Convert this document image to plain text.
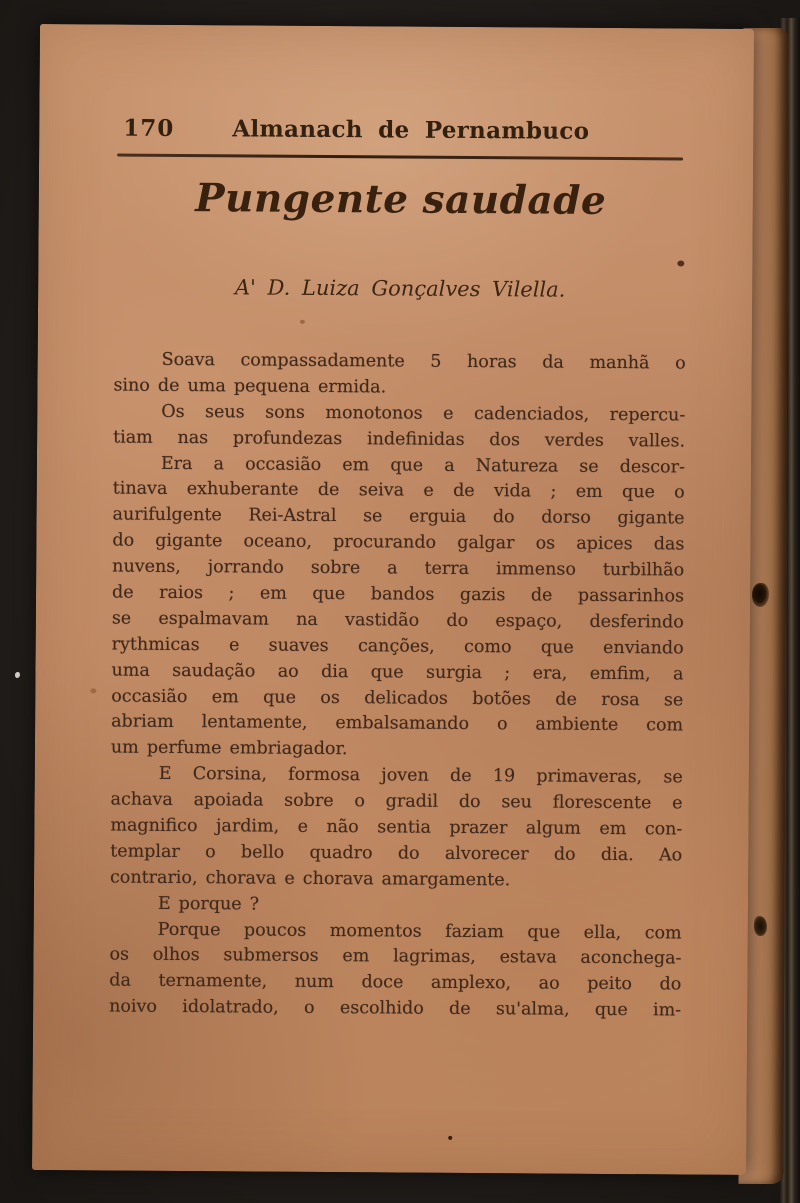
170	Almanach de Pernambuco
Pungente saudade
A' D. Luiza Gonçalves Vilella.
Soava compassadamente 5 horas da manhã o
sino de uma pequena ermida.
Os seus sons monotonos e cadenciados, repercu-
tiam nas profundezas indefinidas dos verdes valles.
Era a occasião em que a Natureza se descor-
tinava exhuberante de seiva e de vida ; em que o
aurifulgente Rei-Astral se erguia do dorso gigante
do gigante oceano, procurando galgar os apices das
nuvens, jorrando sobre a terra immenso turbilhão
de raios ; em que bandos gazis de passarinhos
se espalmavam na vastidão do espaço, desferindo
rythmicas e suaves canções, como que enviando
uma saudação ao dia que surgia ; era, emfim, a
occasião em que os delicados botões de rosa se
abriam lentamente, embalsamando o ambiente com
um perfume embriagador.
E Corsina, formosa joven de 19 primaveras, se
achava apoiada sobre o gradil do seu florescente e
magnifico jardim, e não sentia prazer algum em con-
templar o bello quadro do alvorecer do dia. Ao
contrario, chorava e chorava amargamente.
E porque ?
Porque poucos momentos faziam que ella, com
os olhos submersos em lagrimas, estava aconchega-
da ternamente, num doce amplexo, ao peito do
noivo idolatrado, o escolhido de su'alma, que im-
